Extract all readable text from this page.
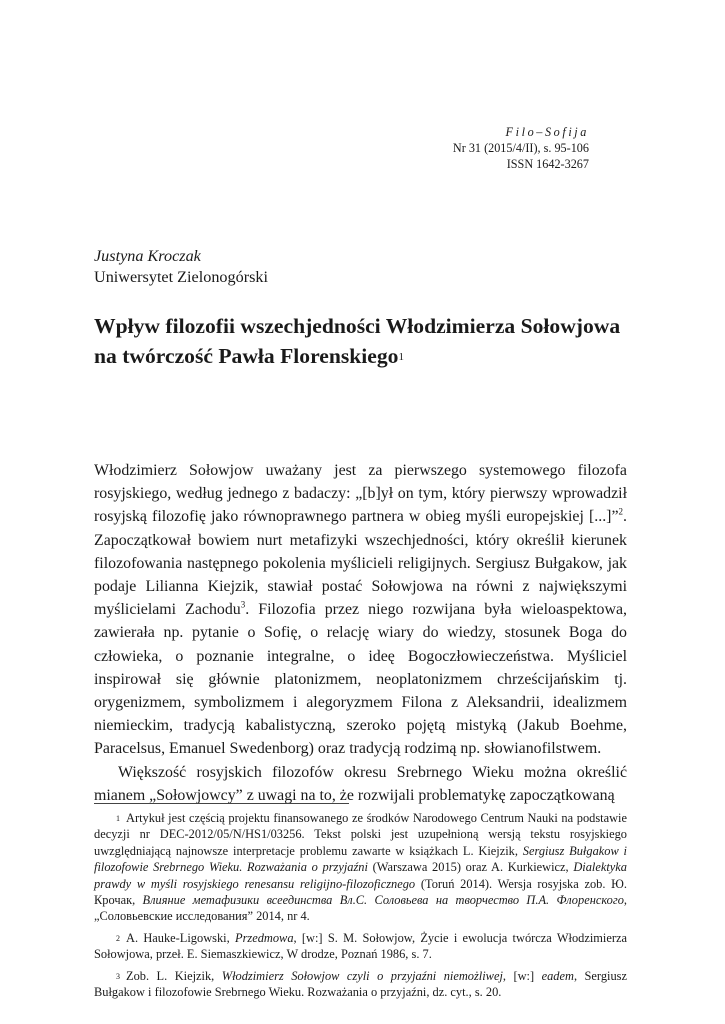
Filo–Sofija
Nr 31 (2015/4/II), s. 95-106
ISSN 1642-3267
Justyna Kroczak
Uniwersytet Zielonogórski
Wpływ filozofii wszechjedności Włodzimierza Sołowjowa
na twórczość Pawła Florenskiego$^1$

Włodzimierz Sołowjow uważany jest za pierwszego systemowego filozofa rosyjskiego, według jednego z badaczy: „[b]ył on tym, który pierwszy wprowadził rosyjską filozofię jako równoprawnego partnera w obieg myśli europejskiej [...]”$^2$. Zapoczątkował bowiem nurt metafizyki wszechjedności, który określił kierunek filozofowania następnego pokolenia myślicieli religijnych. Sergiusz Bułgakow, jak podaje Lilianna Kiejzik, stawiał postać Sołowjowa na równi z największymi myślicielami Zachodu$^3$. Filozofia przez niego rozwijana była wieloaspektowa, zawierała np. pytanie o Sofię, o relację wiary do wiedzy, stosunek Boga do człowieka, o poznanie integralne, o ideę Bogoczłowieczeństwa. Myśliciel inspirował się głównie platonizmem, neoplatonizmem chrześcijańskim tj. orygenizmem, symbolizmem i alegoryzmem Filona z Aleksandrii, idealizmem niemieckim, tradycją kabalistyczną, szeroko pojętą mistyką (Jakub Boehme, Paracelsus, Emanuel Swedenborg) oraz tradycją rodzimą np. słowianofilstwem.

Większość rosyjskich filozofów okresu Srebrnego Wieku można określić mianem „Sołowjowcy” z uwagi na to, że rozwijali problematykę zapoczątkowaną

$^1$ Artykuł jest częścią projektu finansowanego ze środków Narodowego Centrum Nauki na podstawie decyzji nr DEC-2012/05/N/HS1/03256. Tekst polski jest uzupełnioną wersją tekstu rosyjskiego uwzględniającą najnowsze interpretacje problemu zawarte w książkach L. Kiejzik, Sergiusz Bułgakow i filozofowie Srebrnego Wieku. Rozważania o przyjaźni (Warszawa 2015) oraz A. Kurkiewicz, Dialektyka prawdy w myśli rosyjskiego renesansu religijno-filozoficznego (Toruń 2014). Wersja rosyjska zob. Ю. Крочак, Влияние метафизики всеединства Вл.С. Соловьева на творчество П.А. Флоренского, „Соловьевские исследования” 2014, nr 4.

$^2$ A. Hauke-Ligowski, Przedmowa, [w:] S. M. Sołowjow, Życie i ewolucja twórcza Włodzimierza Sołowjowa, przeł. E. Siemaszkiewicz, W drodze, Poznań 1986, s. 7.

$^3$ Zob. L. Kiejzik, Włodzimierz Sołowjow czyli o przyjaźni niemożliwej, [w:] eadem, Sergiusz Bułgakow i filozofowie Srebrnego Wieku. Rozważania o przyjaźni, dz. cyt., s. 20.
